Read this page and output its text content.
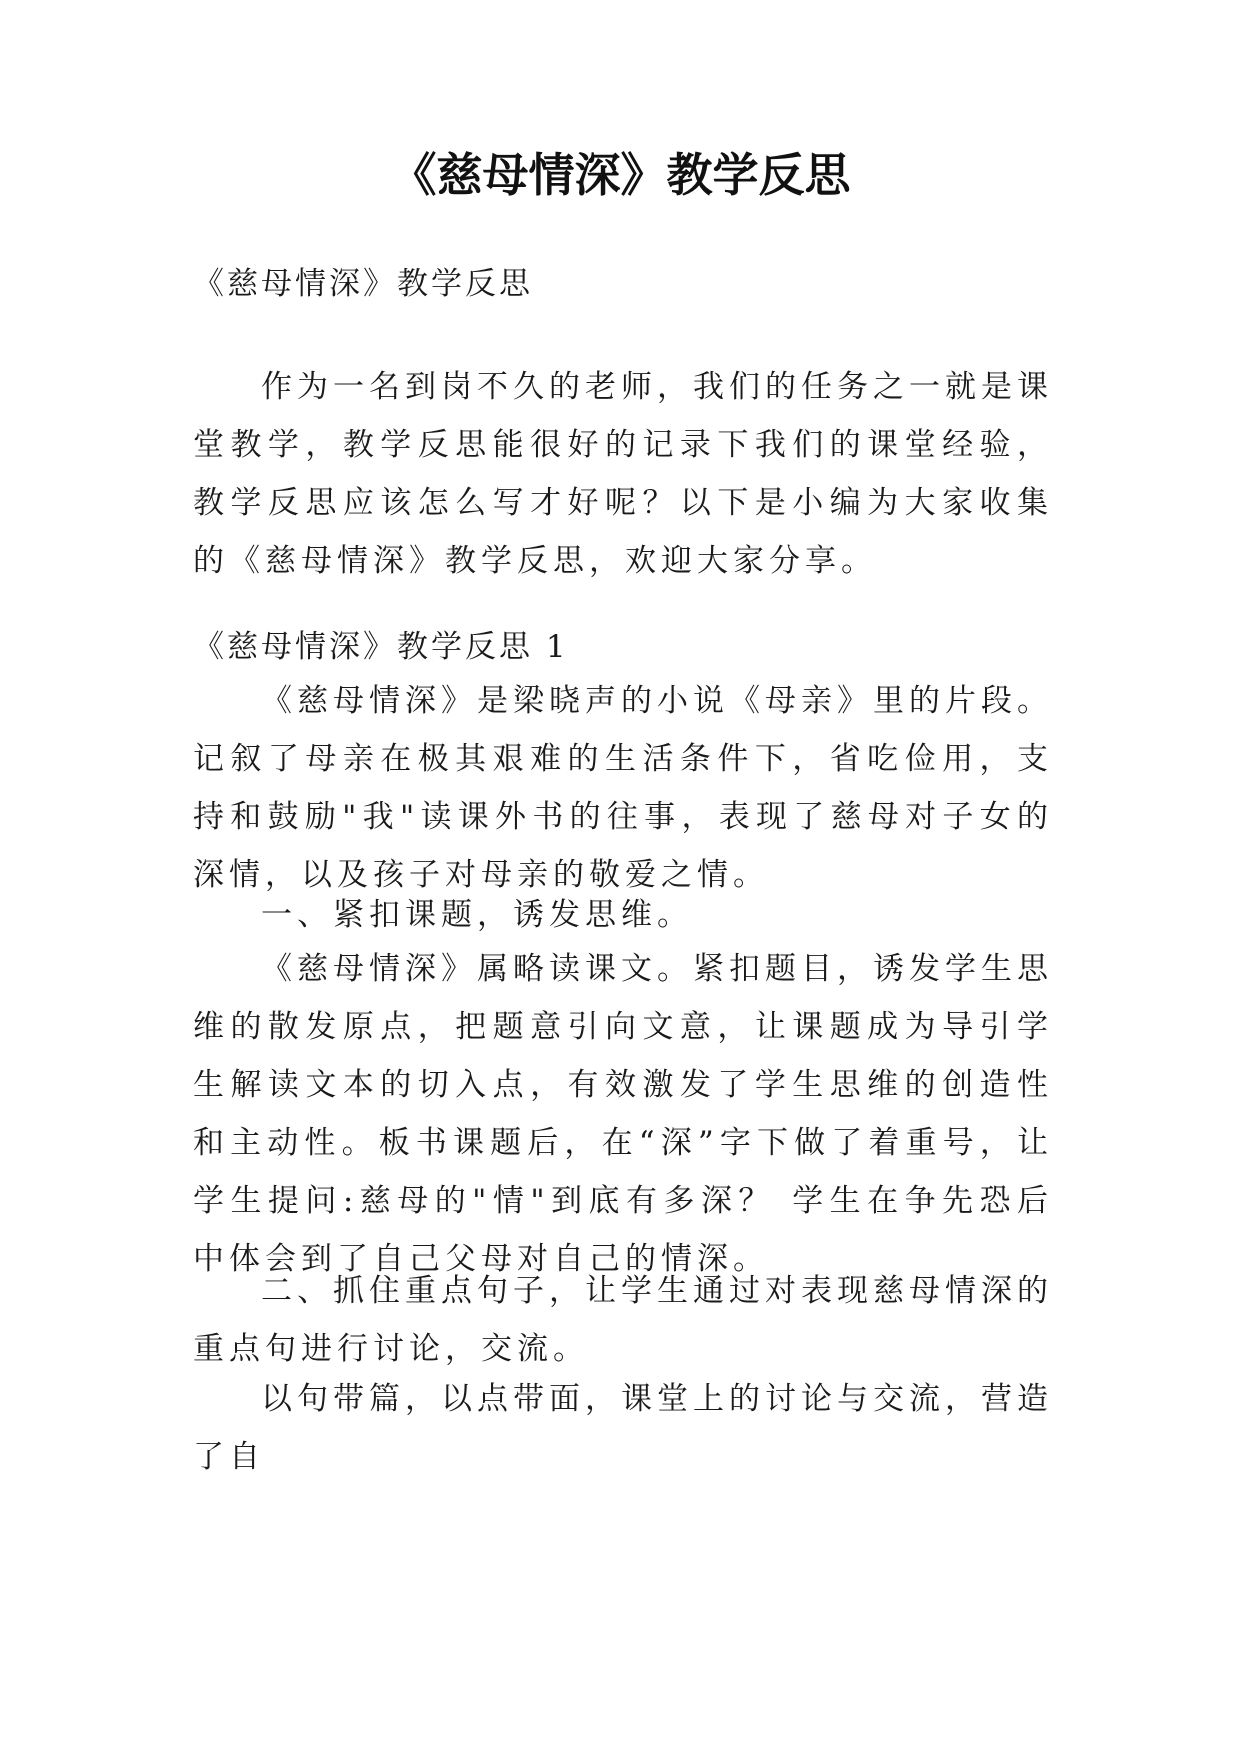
《慈母情深》教学反思

《慈母情深》教学反思

作为一名到岗不久的老师，我们的任务之一就是课堂教学，教学反思能很好的记录下我们的课堂经验，教学反思应该怎么写才好呢？以下是小编为大家收集的《慈母情深》教学反思，欢迎大家分享。

《慈母情深》教学反思 1

《慈母情深》是梁晓声的小说《母亲》里的片段。记叙了母亲在极其艰难的生活条件下，省吃俭用，支持和鼓励"我"读课外书的往事，表现了慈母对子女的深情，以及孩子对母亲的敬爱之情。

一、紧扣课题，诱发思维。

《慈母情深》属略读课文。紧扣题目，诱发学生思维的散发原点，把题意引向文意，让课题成为导引学生解读文本的切入点，有效激发了学生思维的创造性和主动性。板书课题后，在“深”字下做了着重号，让学生提问:慈母的"情"到底有多深？ 学生在争先恐后中体会到了自己父母对自己的情深。

二、抓住重点句子，让学生通过对表现慈母情深的重点句进行讨论，交流。

以句带篇，以点带面，课堂上的讨论与交流，营造了自
